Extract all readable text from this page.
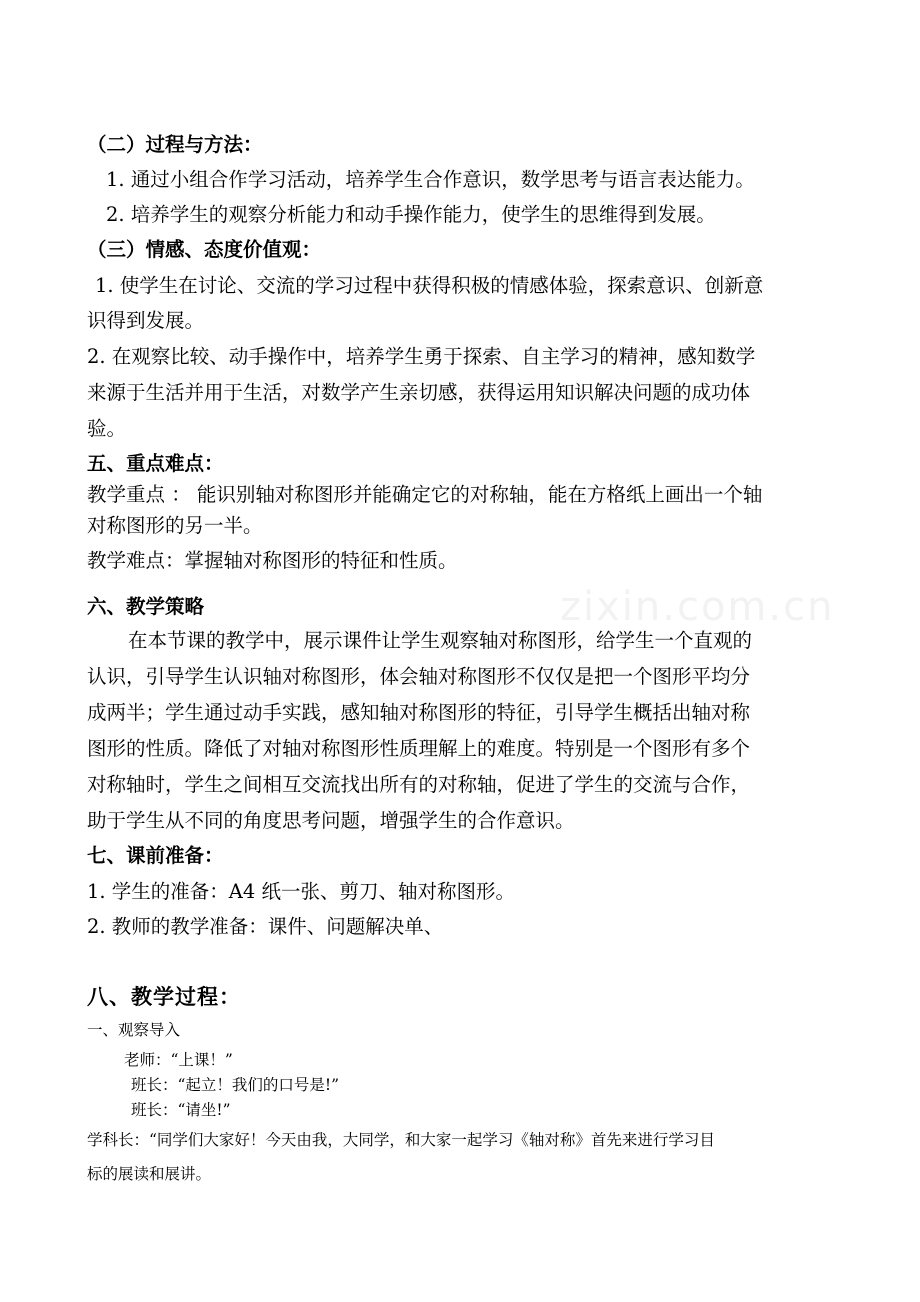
zixin.com.cn
（二）过程与方法：
1. 通过小组合作学习活动，培养学生合作意识，数学思考与语言表达能力。
2. 培养学生的观察分析能力和动手操作能力，使学生的思维得到发展。
（三）情感、态度价值观：
1. 使学生在讨论、交流的学习过程中获得积极的情感体验，探索意识、创新意
识得到发展。
2. 在观察比较、动手操作中，培养学生勇于探索、自主学习的精神，感知数学
来源于生活并用于生活，对数学产生亲切感，获得运用知识解决问题的成功体
验。
五、重点难点：
教学重点 ： 能识别轴对称图形并能确定它的对称轴，能在方格纸上画出一个轴
对称图形的另一半。
教学难点：掌握轴对称图形的特征和性质。
六、教学策略
在本节课的教学中，展示课件让学生观察轴对称图形，给学生一个直观的
认识，引导学生认识轴对称图形，体会轴对称图形不仅仅是把一个图形平均分
成两半；学生通过动手实践，感知轴对称图形的特征，引导学生概括出轴对称
图形的性质。降低了对轴对称图形性质理解上的难度。特别是一个图形有多个
对称轴时，学生之间相互交流找出所有的对称轴，促进了学生的交流与合作，
助于学生从不同的角度思考问题，增强学生的合作意识。
七、课前准备：
1. 学生的准备：A4 纸一张、剪刀、轴对称图形。
2. 教师的教学准备：课件、问题解决单、
八、教学过程：
一、观察导入
老师：“上课！”
班长：“起立！我们的口号是!”
班长：“请坐!”
学科长：“同学们大家好！今天由我，大同学，和大家一起学习《轴对称》首先来进行学习目
标的展读和展讲。
